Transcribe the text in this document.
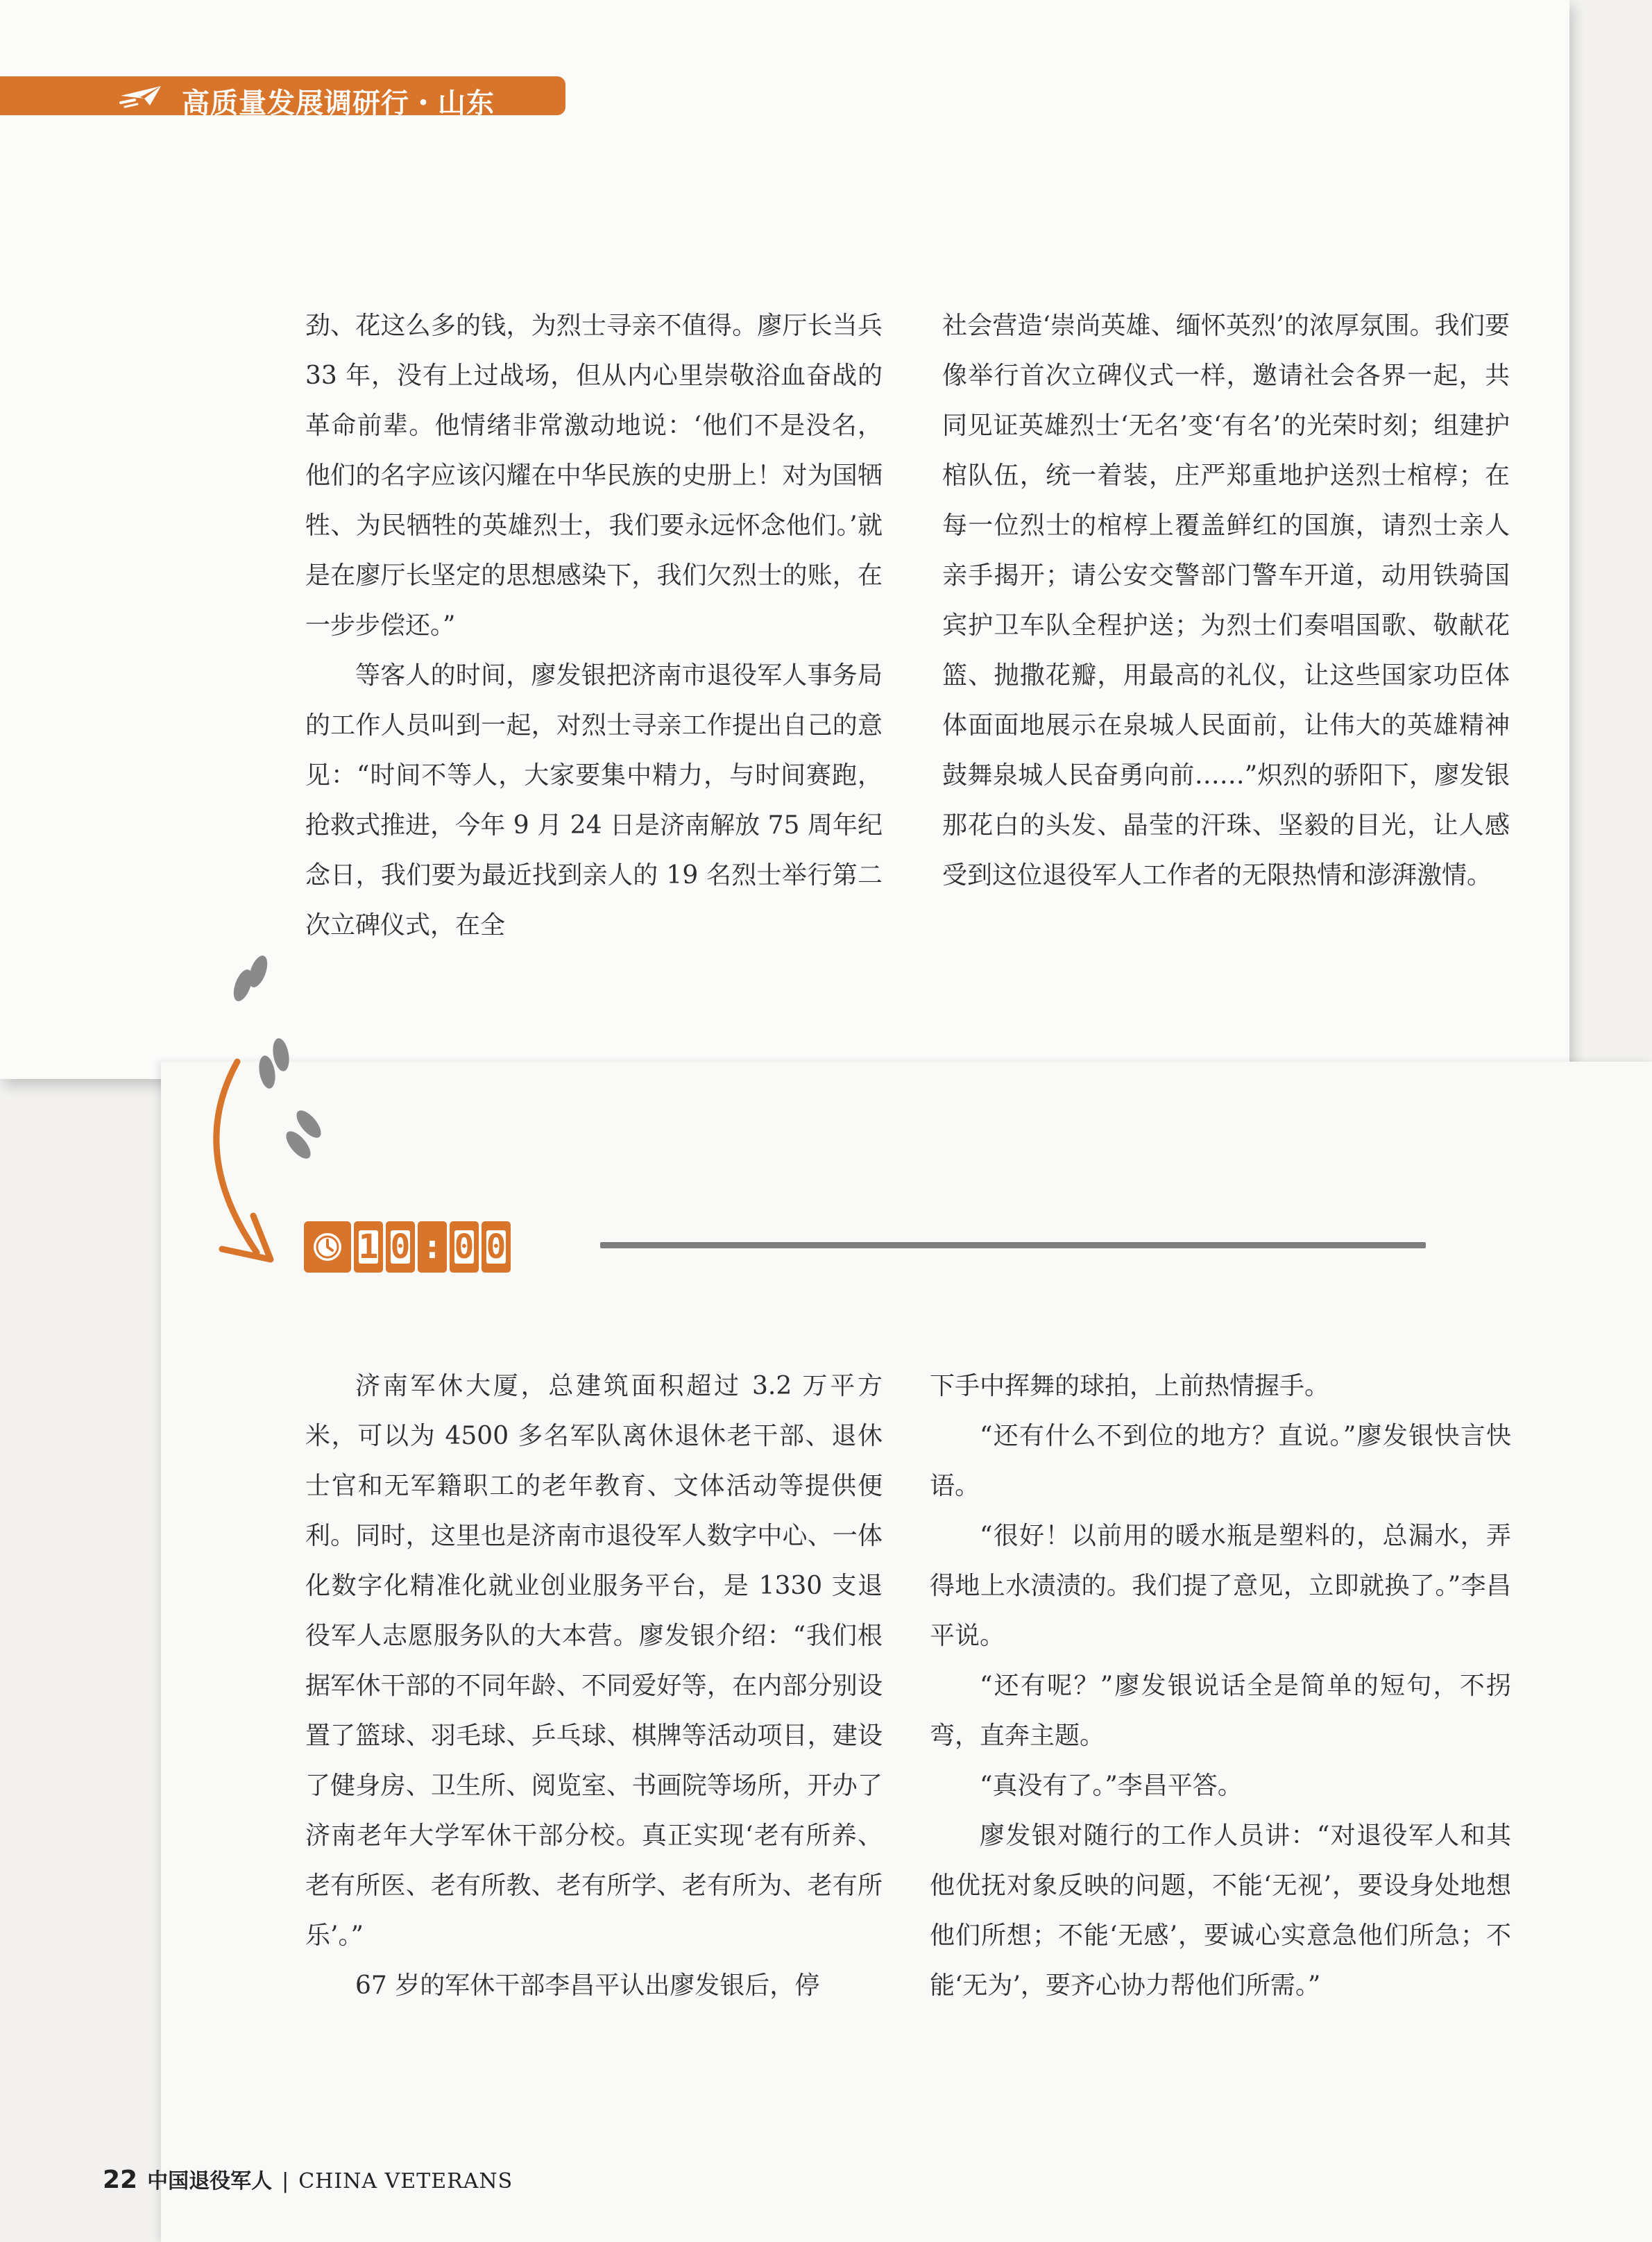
高质量发展调研行・山东

劲、花这么多的钱，为烈士寻亲不值得。廖厅长当兵 33 年，没有上过战场，但从内心里崇敬浴血奋战的革命前辈。他情绪非常激动地说：‘他们不是没名，他们的名字应该闪耀在中华民族的史册上！对为国牺牲、为民牺牲的英雄烈士，我们要永远怀念他们。’就是在廖厅长坚定的思想感染下，我们欠烈士的账，在一步步偿还。”

等客人的时间，廖发银把济南市退役军人事务局的工作人员叫到一起，对烈士寻亲工作提出自己的意见：“时间不等人，大家要集中精力，与时间赛跑，抢救式推进，今年 9 月 24 日是济南解放 75 周年纪念日，我们要为最近找到亲人的 19 名烈士举行第二次立碑仪式，在全

社会营造‘崇尚英雄、缅怀英烈’的浓厚氛围。我们要像举行首次立碑仪式一样，邀请社会各界一起，共同见证英雄烈士‘无名’变‘有名’的光荣时刻；组建护棺队伍，统一着装，庄严郑重地护送烈士棺椁；在每一位烈士的棺椁上覆盖鲜红的国旗，请烈士亲人亲手揭开；请公安交警部门警车开道，动用铁骑国宾护卫车队全程护送；为烈士们奏唱国歌、敬献花篮、抛撒花瓣，用最高的礼仪，让这些国家功臣体体面面地展示在泉城人民面前，让伟大的英雄精神鼓舞泉城人民奋勇向前……”炽烈的骄阳下，廖发银那花白的头发、晶莹的汗珠、坚毅的目光，让人感受到这位退役军人工作者的无限热情和澎湃激情。

1 0 : 0 0

济南军休大厦，总建筑面积超过 3.2 万平方米，可以为 4500 多名军队离休退休老干部、退休士官和无军籍职工的老年教育、文体活动等提供便利。同时，这里也是济南市退役军人数字中心、一体化数字化精准化就业创业服务平台，是 1330 支退役军人志愿服务队的大本营。廖发银介绍：“我们根据军休干部的不同年龄、不同爱好等，在内部分别设置了篮球、羽毛球、乒乓球、棋牌等活动项目，建设了健身房、卫生所、阅览室、书画院等场所，开办了济南老年大学军休干部分校。真正实现‘老有所养、老有所医、老有所教、老有所学、老有所为、老有所乐’。”

67 岁的军休干部李昌平认出廖发银后，停

下手中挥舞的球拍，上前热情握手。

“还有什么不到位的地方？直说。”廖发银快言快语。

“很好！以前用的暖水瓶是塑料的，总漏水，弄得地上水渍渍的。我们提了意见，立即就换了。”李昌平说。

“还有呢？”廖发银说话全是简单的短句，不拐弯，直奔主题。

“真没有了。”李昌平答。

廖发银对随行的工作人员讲：“对退役军人和其他优抚对象反映的问题，不能‘无视’，要设身处地想他们所想；不能‘无感’，要诚心实意急他们所急；不能‘无为’，要齐心协力帮他们所需。”

22 中国退役军人 | CHINA VETERANS
